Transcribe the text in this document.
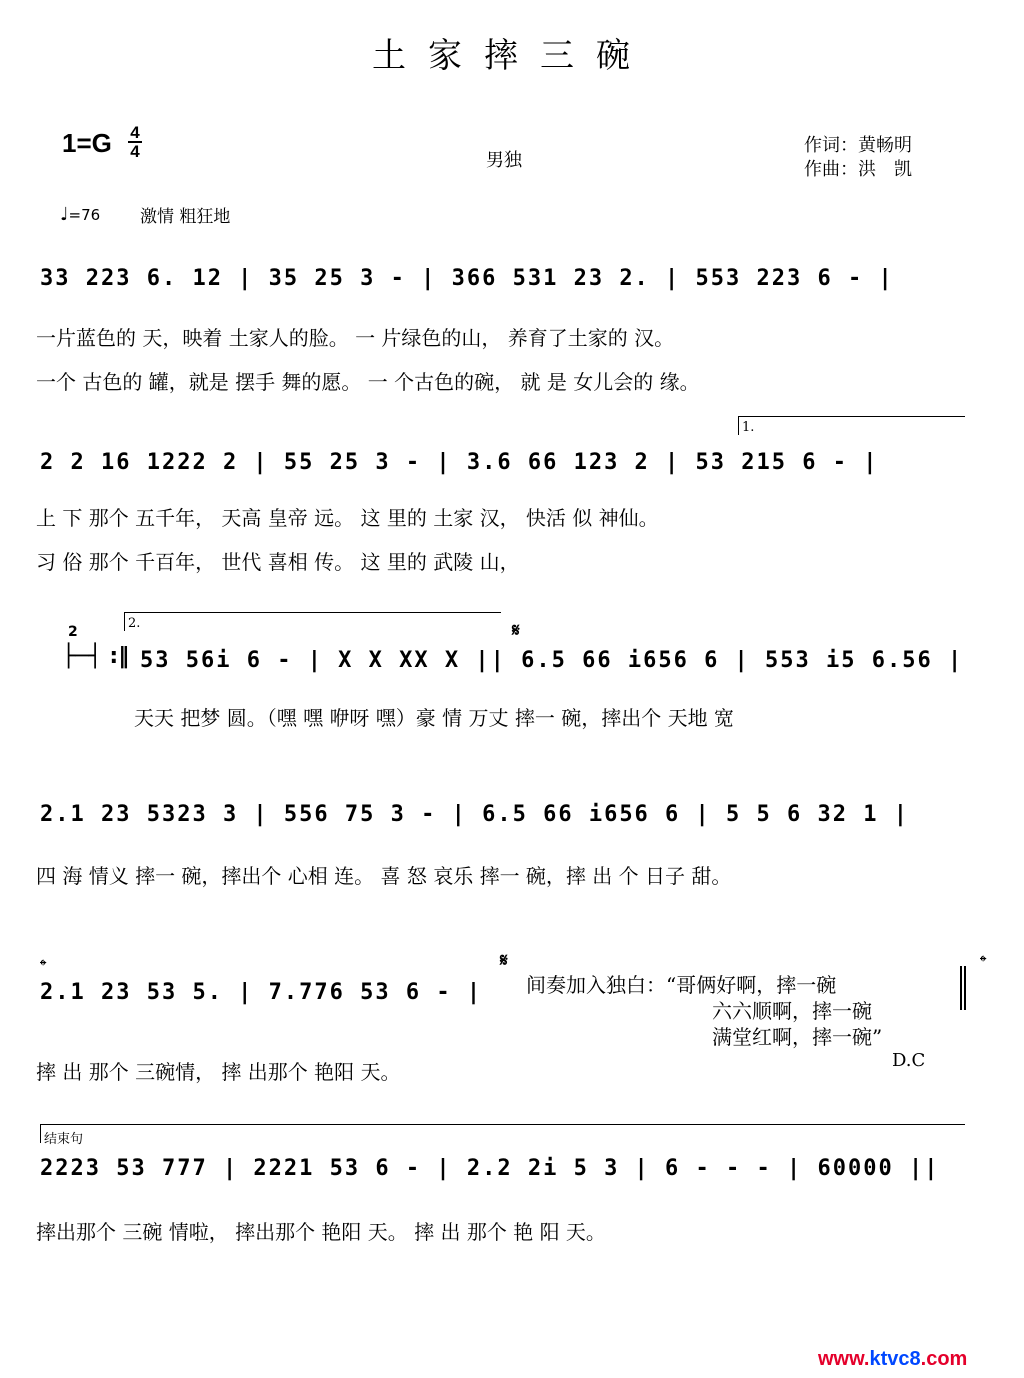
土家摔三碗
1=G 4
4	男独
作词：黄畅明
作曲：洪　凯
♩=76 激情 粗狂地
33 223 6. 12 | 35 25 3 - | 366 531 23 2. | 553 223 6 - |
一片蓝色的 天，映着 土家人的脸。 一 片绿色的山， 养育了土家的 汉。
一个 古色的 罐，就是 摆手 舞的愿。 一 个古色的碗， 就 是 女儿会的 缘。
1.
2 2 16 1222 2 | 55 25 3 - | 3.6 66 123 2 | 53 215 6 - |
上 下 那个 五千年， 天高 皇帝 远。 这 里的 土家 汉， 快活 似 神仙。
习 俗 那个 千百年， 世代 喜相 传。 这 里的 武陵 山，
2.
2
├─┤ :‖
𝄋
53 56i 6 - | X X XX X || 6.5 66 i656 6 | 553 i5 6.56 |
天天 把梦 圆。（嘿 嘿 咿呀 嘿）豪 情 万丈 摔一 碗，摔出个 天地 宽
2.1 23 5323 3 | 556 75 3 - | 6.5 66 i656 6 | 5 5 6 32 1 |
四 海 情义 摔一 碗，摔出个 心相 连。 喜 怒 哀乐 摔一 碗，摔 出 个 日子 甜。
𝄌	𝄋	𝄌
2.1 23 53 5. | 7.776 53 6 - | 间奏加入独白：“哥俩好啊，摔一碗
六六顺啊，摔一碗
满堂红啊，摔一碗”
D.C
摔 出 那个 三碗情， 摔 出那个 艳阳 天。
结束句
2223 53 777 | 2221 53 6 - | 2.2 2i 5 3 | 6 - - - | 60000 ||
摔出那个 三碗 情啦， 摔出那个 艳阳 天。 摔 出 那个 艳 阳 天。
www.ktvc8.com
